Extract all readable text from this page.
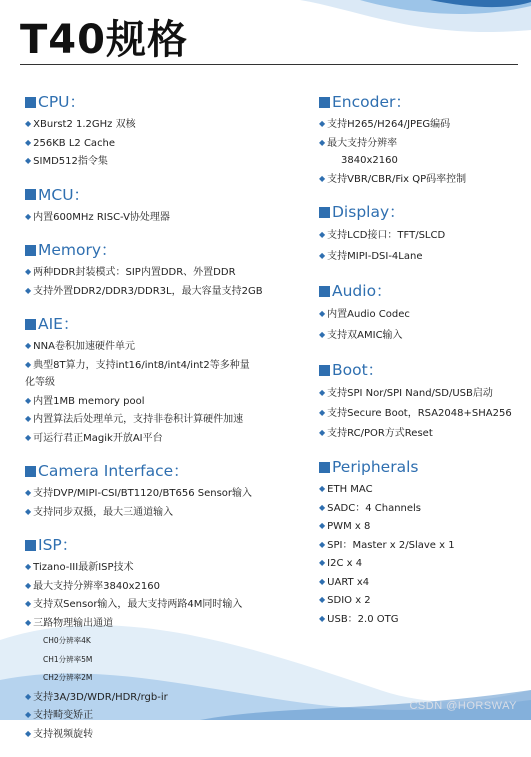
T40规格
CPU：
◆ XBurst2 1.2GHz 双核
◆ 256KB L2 Cache
◆ SIMD512指令集
MCU：
◆ 内置600MHz RISC-V协处理器
Memory：
◆ 两种DDR封装模式：SIP内置DDR、外置DDR
◆ 支持外置DDR2/DDR3/DDR3L，最大容量支持2GB
AIE：
◆ NNA卷积加速硬件单元
◆ 典型8T算力，支持int16/int8/int4/int2等多种量
化等级
◆ 内置1MB memory pool
◆ 内置算法后处理单元，支持非卷积计算硬件加速
◆ 可运行君正Magik开放AI平台
Camera Interface：
◆ 支持DVP/MIPI-CSI/BT1120/BT656 Sensor输入
◆ 支持同步双摄，最大三通道输入
ISP：
◆ Tizano-III最新ISP技术
◆ 最大支持分辨率3840x2160
◆ 支持双Sensor输入，最大支持两路4M同时输入
◆ 三路物理输出通道
CH0分辨率4K
CH1分辨率5M
CH2分辨率2M
◆ 支持3A/3D/WDR/HDR/rgb-ir
◆ 支持畸变矫正
◆ 支持视频旋转
Encoder：
◆ 支持H265/H264/JPEG编码
◆ 最大支持分辨率
3840x2160
◆ 支持VBR/CBR/Fix QP码率控制
Display：
◆ 支持LCD接口：TFT/SLCD
◆ 支持MIPI-DSI-4Lane
Audio：
◆ 内置Audio Codec
◆ 支持双AMIC输入
Boot：
◆ 支持SPI Nor/SPI Nand/SD/USB启动
◆ 支持Secure Boot，RSA2048+SHA256
◆ 支持RC/POR方式Reset
Peripherals
◆ ETH MAC
◆ SADC：4 Channels
◆ PWM x 8
◆ SPI：Master x 2/Slave x 1
◆ I2C x 4
◆ UART x4
◆ SDIO x 2
◆ USB：2.0 OTG
CSDN @HORSWAY
